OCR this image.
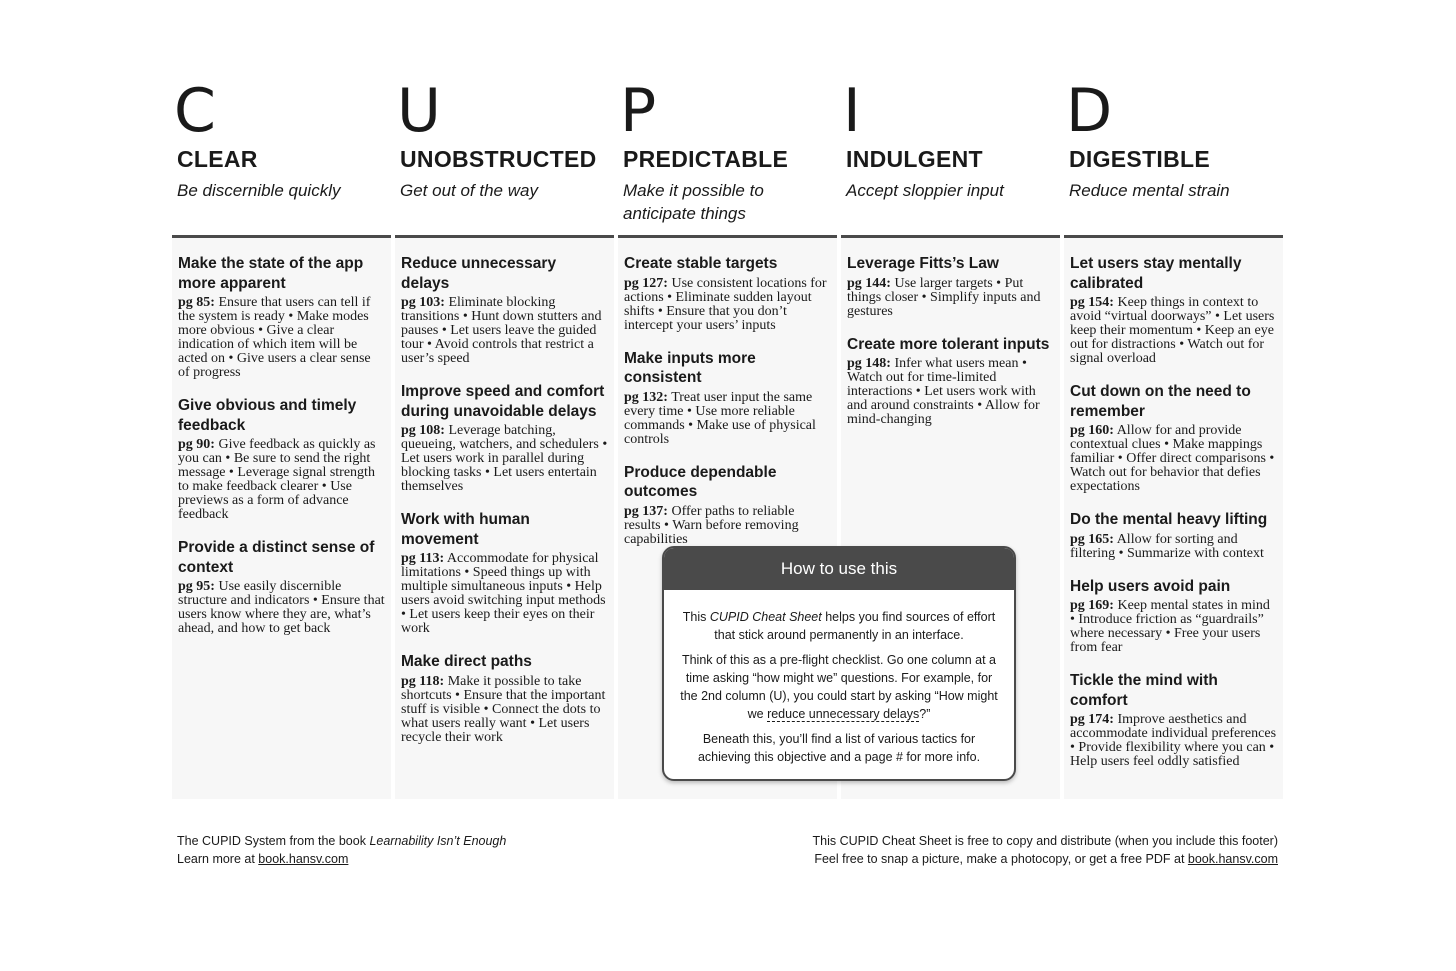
C
CLEAR
Be discernible quickly
U
UNOBSTRUCTED
Get out of the way
P
PREDICTABLE
Make it possible to anticipate things
I
INDULGENT
Accept sloppier input
D
DIGESTIBLE
Reduce mental strain
Make the state of the app more apparent
pg 85: Ensure that users can tell if the system is ready • Make modes more obvious • Give a clear indication of which item will be acted on • Give users a clear sense of progress
Give obvious and timely feedback
pg 90: Give feedback as quickly as you can • Be sure to send the right message • Leverage signal strength to make feedback clearer • Use previews as a form of advance feedback
Provide a distinct sense of context
pg 95: Use easily discernible structure and indicators • Ensure that users know where they are, what’s ahead, and how to get back
Reduce unnecessary delays
pg 103: Eliminate blocking transitions • Hunt down stutters and pauses • Let users leave the guided tour • Avoid controls that restrict a user’s speed
Improve speed and comfort during unavoidable delays
pg 108: Leverage batching, queueing, watchers, and schedulers • Let users work in parallel during blocking tasks • Let users entertain themselves
Work with human movement
pg 113: Accommodate for physical limitations • Speed things up with multiple simultaneous inputs • Help users avoid switching input methods • Let users keep their eyes on their work
Make direct paths
pg 118: Make it possible to take shortcuts • Ensure that the important stuff is visible • Connect the dots to what users really want • Let users recycle their work
Create stable targets
pg 127: Use consistent locations for actions • Eliminate sudden layout shifts • Ensure that you don’t intercept your users’ inputs
Make inputs more consistent
pg 132: Treat user input the same every time • Use more reliable commands • Make use of physical controls
Produce dependable outcomes
pg 137: Offer paths to reliable results • Warn before removing capabilities
Leverage Fitts’s Law
pg 144: Use larger targets • Put things closer • Simplify inputs and gestures
Create more tolerant inputs
pg 148: Infer what users mean • Watch out for time-limited interactions • Let users work with and around constraints • Allow for mind-changing
Let users stay mentally calibrated
pg 154: Keep things in context to avoid “virtual doorways” • Let users keep their momentum • Keep an eye out for distractions • Watch out for signal overload
Cut down on the need to remember
pg 160: Allow for and provide contextual clues • Make mappings familiar • Offer direct comparisons • Watch out for behavior that defies expectations
Do the mental heavy lifting
pg 165: Allow for sorting and filtering • Summarize with context
Help users avoid pain
pg 169: Keep mental states in mind • Introduce friction as “guardrails” where necessary • Free your users from fear
Tickle the mind with comfort
pg 174: Improve aesthetics and accommodate individual preferences • Provide flexibility where you can • Help users feel oddly satisfied
How to use this

This CUPID Cheat Sheet helps you find sources of effort that stick around permanently in an interface.

Think of this as a pre-flight checklist. Go one column at a time asking “how might we” questions. For example, for the 2nd column (U), you could start by asking “How might we reduce unnecessary delays?”

Beneath this, you’ll find a list of various tactics for achieving this objective and a page # for more info.

The CUPID System from the book Learnability Isn’t Enough
Learn more at book.hansv.com
This CUPID Cheat Sheet is free to copy and distribute (when you include this footer)
Feel free to snap a picture, make a photocopy, or get a free PDF at book.hansv.com
